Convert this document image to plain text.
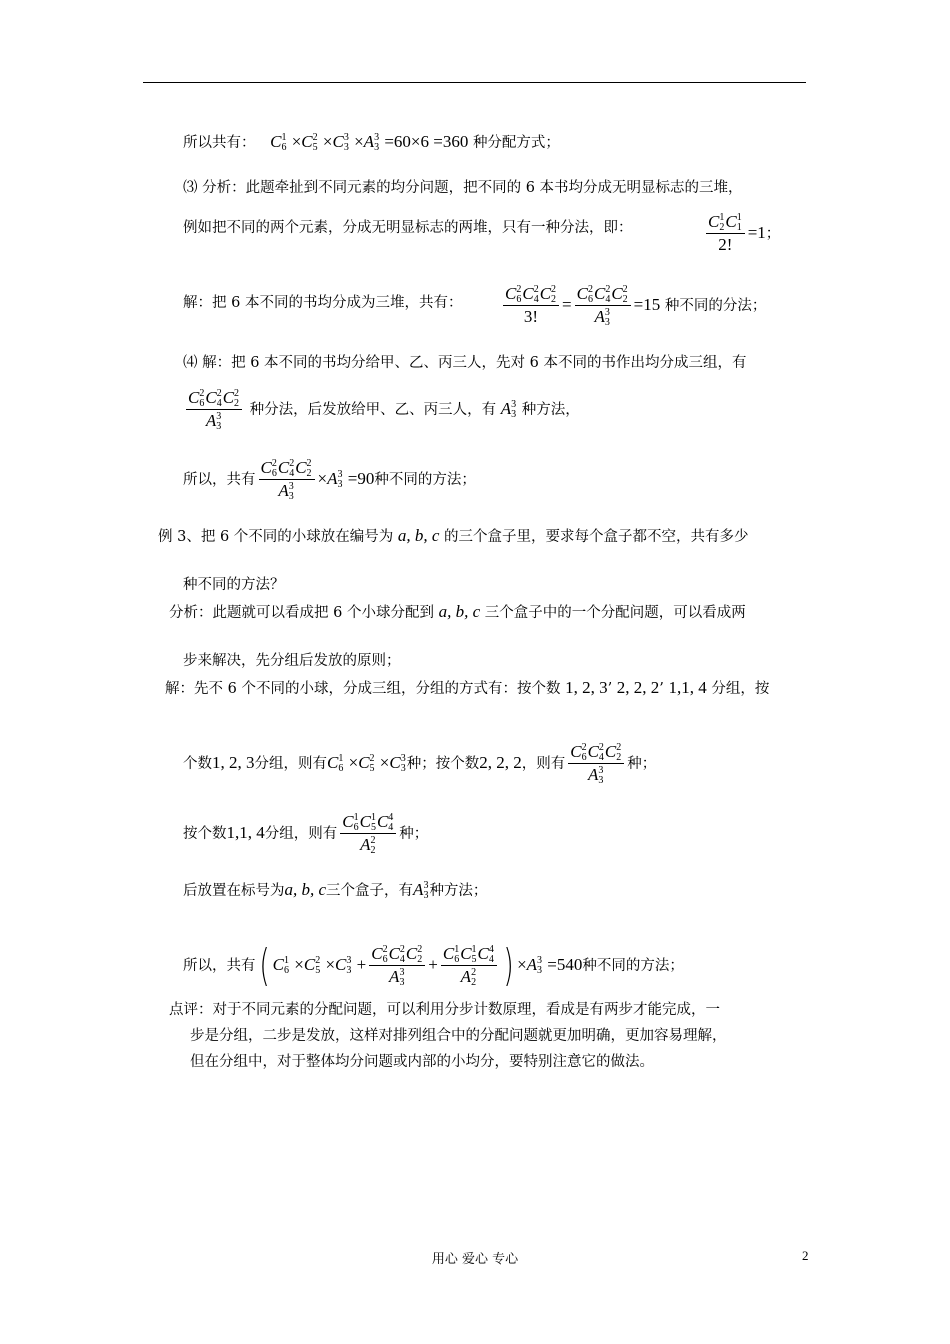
所以共有： C 1
6 ×C 2
5 ×C 3
3 ×A 3
3 =60×6 =360 种分配方式；
⑶ 分析：此题牵扯到不同元素的均分问题，把不同的 6 本书均分成无明显标志的三堆，
例如把不同的两个元素，分成无明显标志的两堆，只有一种分法，即：	C 1
2 C 1
1
2! =1；
解：把 6 本不同的书均分成为三堆，共有： C 2
6 C 2
4 C 2
2
3! = C 2
6 C 2
4 C 2
2
A 3
3 =15 种不同的分法；
⑷ 解：把 6 本不同的书均分给甲、乙、丙三人，先对 6 本不同的书作出均分成三组，有
C 2
6 C 2
4 C 2
2
A 3
3 种分法，后发放给甲、乙、丙三人，有 A 3
3 种方法，
所以，共有 C 2
6 C 2
4 C 2
2
A 3
3 ×A 3
3 =90种不同的方法；
例 3、把 6 个不同的小球放在编号为 a, b, c 的三个盒子里，要求每个盒子都不空，共有多少
种不同的方法？
分析：此题就可以看成把 6 个小球分配到 a, b, c 三个盒子中的一个分配问题，可以看成两
步来解决，先分组后发放的原则；
解：先不 6 个不同的小球，分成三组，分组的方式有：按个数 1, 2, 3’ 2, 2, 2’ 1,1, 4 分组，按
个数1, 2, 3分组，则有C 1
6 ×C 2
5 ×C 3
3 种；按个数2, 2, 2，则有 C 2
6 C 2
4 C 2
2
A 3
3 种；
按个数1,1, 4分组，则有 C 1
6 C 1
5 C 4
4
A 2
2 种；
后放置在标号为a, b, c三个盒子，有A 3
3 种方法；
所以，共有( C 1
6 ×C 2
5 ×C 3
3 + C 2
6 C 2
4 C 2
2
A 3
3 + C 1
6 C 1
5 C 4
4
A 2
2 ) ×A 3
3 =540种不同的方法；
点评：对于不同元素的分配问题，可以利用分步计数原理，看成是有两步才能完成，一
步是分组，二步是发放，这样对排列组合中的分配问题就更加明确，更加容易理解，
但在分组中，对于整体均分问题或内部的小均分，要特别注意它的做法。
用心 爱心 专心	2
